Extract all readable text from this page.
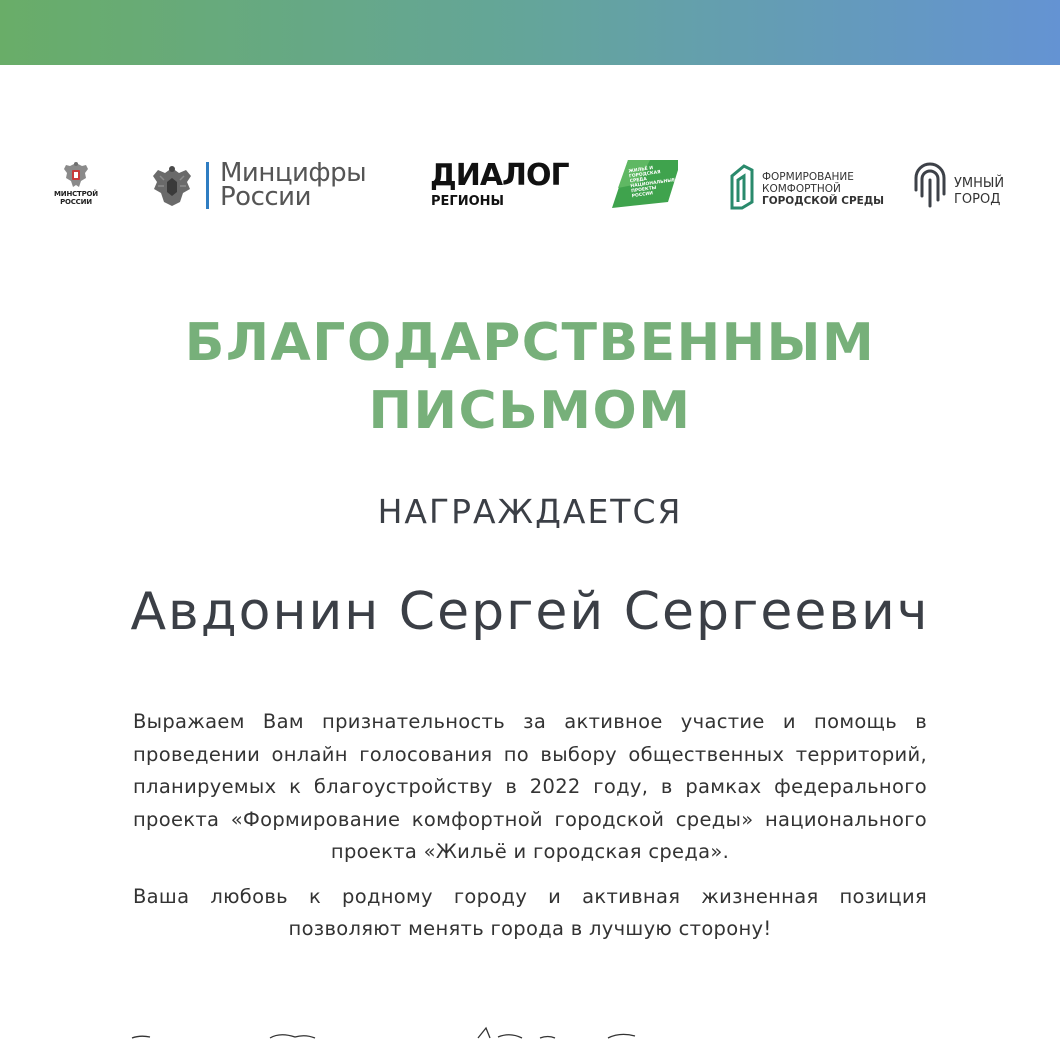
МИНСТРОЙ
РОССИИ
Минцифры
России
ДИАЛОГ
РЕГИОНЫ
ЖИЛЬЁ И ГОРОДСКАЯ СРЕДА НАЦИОНАЛЬНЫЕ ПРОЕКТЫ РОССИИ
ФОРМИРОВАНИЕ
КОМФОРТНОЙ
ГОРОДСКОЙ СРЕДЫ
УМНЫЙ
ГОРОД
БЛАГОДАРСТВЕННЫМ
ПИСЬМОМ
НАГРАЖДАЕТСЯ
Авдонин Сергей Сергеевич

Выражаем Вам признательность за активное участие и помощь в проведении онлайн голосования по выбору общественных территорий, планируемых к благоустройству в 2022 году, в рамках федерального проекта «Формирование комфортной городской среды» национального проекта «Жильё и городская среда».

Ваша любовь к родному городу и активная жизненная позиция позволяют менять города в лучшую сторону!
